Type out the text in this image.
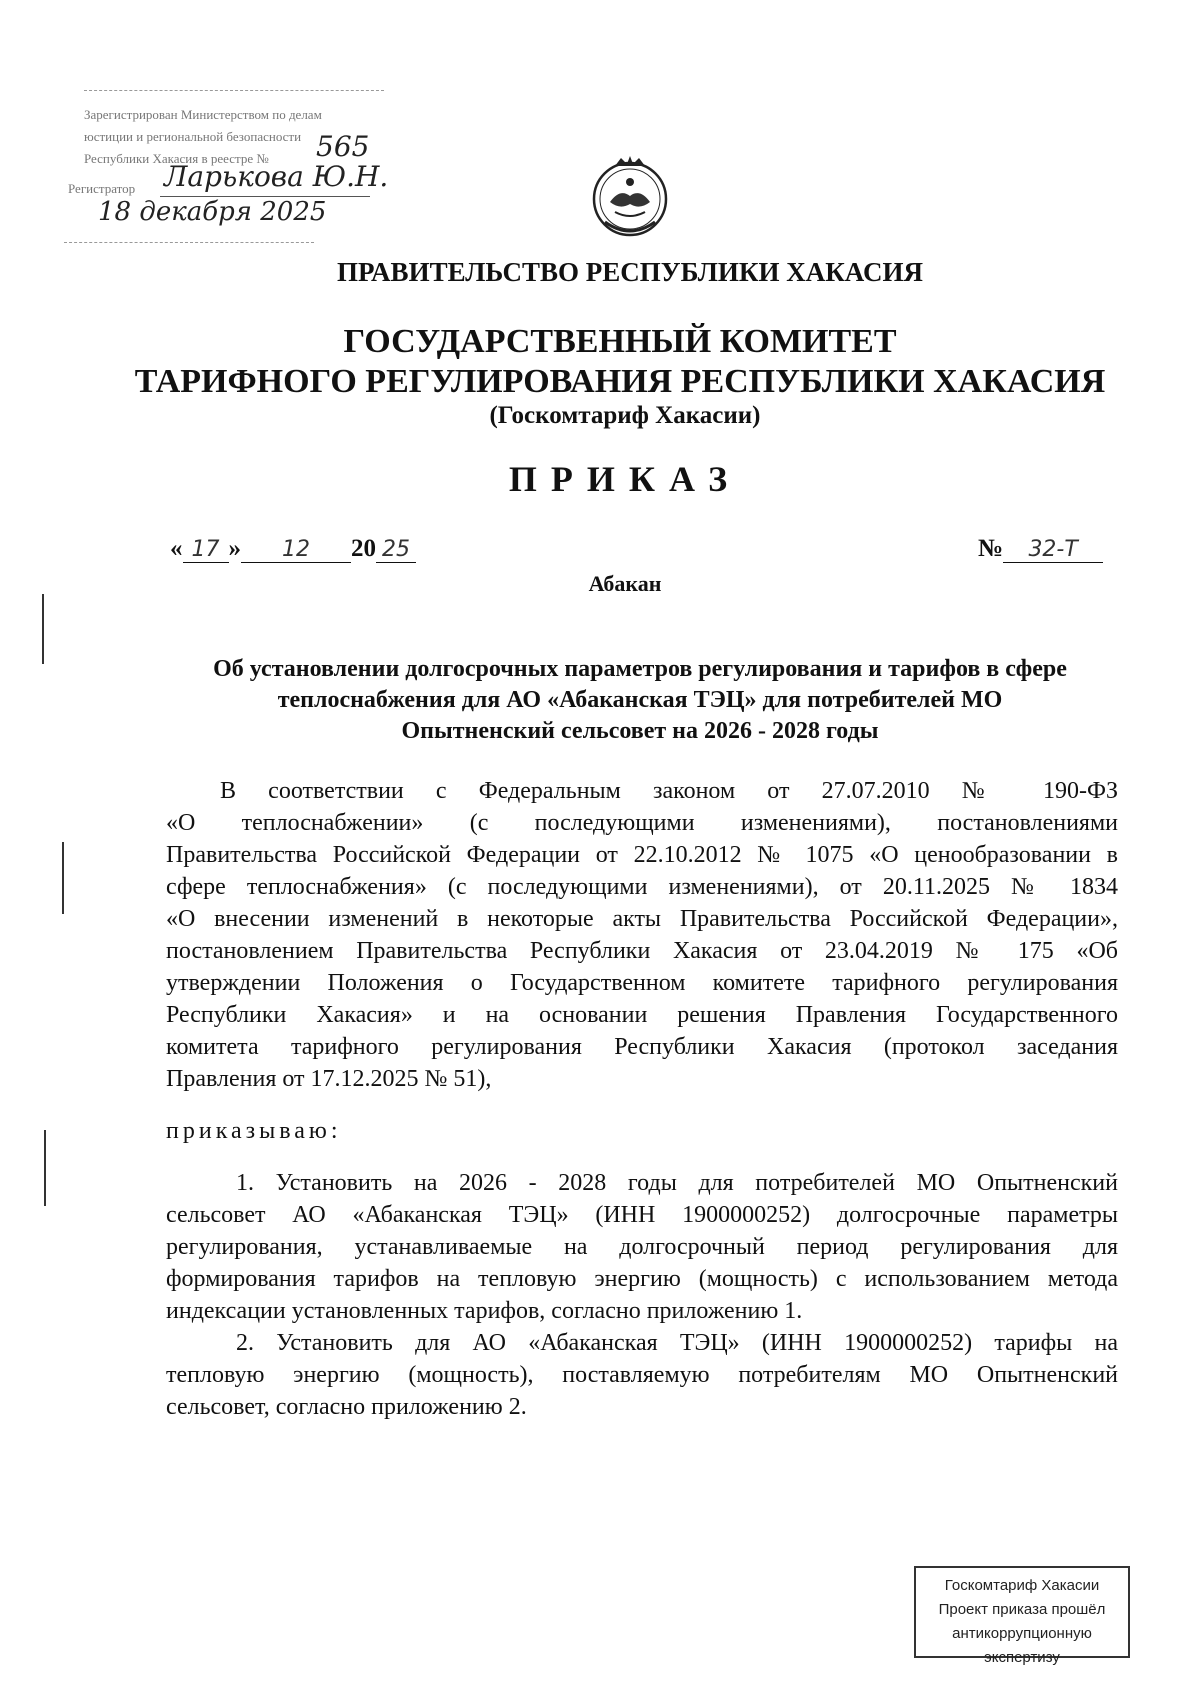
Зарегистрирован Министерством по делам
юстиции и региональной безопасности
Республики Хакасия в реестре № 565
Регистратор Ларькова Ю.Н.
18 декабря 2025
ПРАВИТЕЛЬСТВО РЕСПУБЛИКИ ХАКАСИЯ
ГОСУДАРСТВЕННЫЙ КОМИТЕТ
ТАРИФНОГО РЕГУЛИРОВАНИЯ РЕСПУБЛИКИ ХАКАСИЯ
(Госкомтариф Хакасии)
ПРИКАЗ
« 17 » 12 20 25	№ 32-Т
Абакан
Об установлении долгосрочных параметров регулирования и тарифов в сфере
теплоснабжения для АО «Абаканская ТЭЦ» для потребителей МО
Опытненский сельсовет на 2026 - 2028 годы
В соответствии с Федеральным законом от 27.07.2010 № 190-ФЗ
«О теплоснабжении» (с последующими изменениями), постановлениями
Правительства Российской Федерации от 22.10.2012 № 1075 «О ценообразовании в
сфере теплоснабжения» (с последующими изменениями), от 20.11.2025 № 1834
«О внесении изменений в некоторые акты Правительства Российской Федерации»,
постановлением Правительства Республики Хакасия от 23.04.2019 № 175 «Об
утверждении Положения о Государственном комитете тарифного регулирования
Республики Хакасия» и на основании решения Правления Государственного
комитета тарифного регулирования Республики Хакасия (протокол заседания
Правления от 17.12.2025 № 51),
приказываю:
1. Установить на 2026 - 2028 годы для потребителей МО Опытненский
сельсовет АО «Абаканская ТЭЦ» (ИНН 1900000252) долгосрочные параметры
регулирования, устанавливаемые на долгосрочный период регулирования для
формирования тарифов на тепловую энергию (мощность) с использованием метода
индексации установленных тарифов, согласно приложению 1.
2. Установить для АО «Абаканская ТЭЦ» (ИНН 1900000252) тарифы на
тепловую энергию (мощность), поставляемую потребителям МО Опытненский
сельсовет, согласно приложению 2.
Госкомтариф Хакасии
Проект приказа прошёл
антикоррупционную экспертизу
